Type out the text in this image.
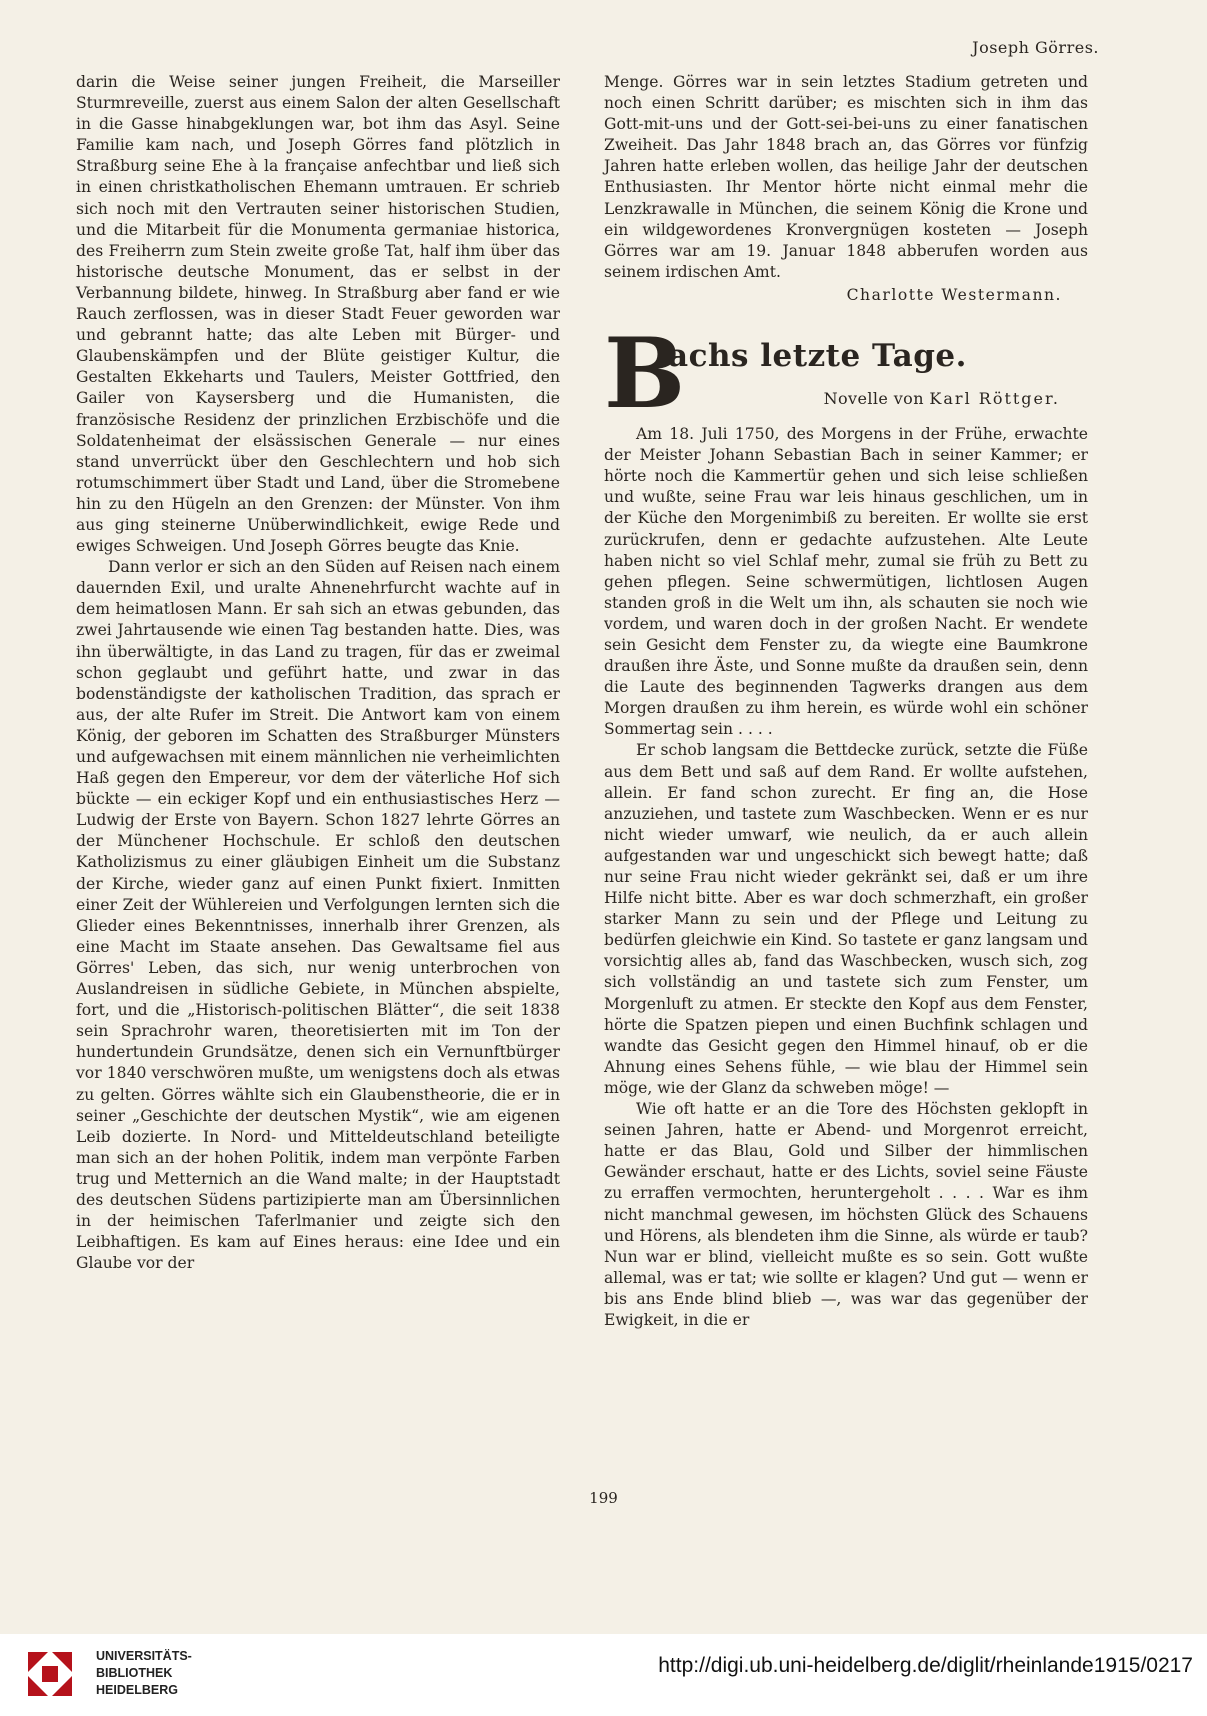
Joseph Görres.

darin die Weise seiner jungen Freiheit, die Marseiller Sturmreveille, zuerst aus einem Salon der alten Gesellschaft in die Gasse hinabgeklungen war, bot ihm das Asyl. Seine Familie kam nach, und Joseph Görres fand plötzlich in Straßburg seine Ehe à la française anfechtbar und ließ sich in einen christkatholischen Ehemann umtrauen. Er schrieb sich noch mit den Vertrauten seiner historischen Studien, und die Mitarbeit für die Monumenta germaniae historica, des Freiherrn zum Stein zweite große Tat, half ihm über das historische deutsche Monument, das er selbst in der Verbannung bildete, hinweg. In Straßburg aber fand er wie Rauch zerflossen, was in dieser Stadt Feuer geworden war und gebrannt hatte; das alte Leben mit Bürger- und Glaubenskämpfen und der Blüte geistiger Kultur, die Gestalten Ekkeharts und Taulers, Meister Gottfried, den Gailer von Kaysersberg und die Humanisten, die französische Residenz der prinzlichen Erzbischöfe und die Soldatenheimat der elsässischen Generale — nur eines stand unverrückt über den Geschlechtern und hob sich rotumschimmert über Stadt und Land, über die Stromebene hin zu den Hügeln an den Grenzen: der Münster. Von ihm aus ging steinerne Unüberwindlichkeit, ewige Rede und ewiges Schweigen. Und Joseph Görres beugte das Knie.

Dann verlor er sich an den Süden auf Reisen nach einem dauernden Exil, und uralte Ahnenehrfurcht wachte auf in dem heimatlosen Mann. Er sah sich an etwas gebunden, das zwei Jahrtausende wie einen Tag bestanden hatte. Dies, was ihn überwältigte, in das Land zu tragen, für das er zweimal schon geglaubt und geführt hatte, und zwar in das bodenständigste der katholischen Tradition, das sprach er aus, der alte Rufer im Streit. Die Antwort kam von einem König, der geboren im Schatten des Straßburger Münsters und aufgewachsen mit einem männlichen nie verheimlichten Haß gegen den Empereur, vor dem der väterliche Hof sich bückte — ein eckiger Kopf und ein enthusiastisches Herz — Ludwig der Erste von Bayern. Schon 1827 lehrte Görres an der Münchener Hochschule. Er schloß den deutschen Katholizismus zu einer gläubigen Einheit um die Substanz der Kirche, wieder ganz auf einen Punkt fixiert. Inmitten einer Zeit der Wühlereien und Verfolgungen lernten sich die Glieder eines Bekenntnisses, innerhalb ihrer Grenzen, als eine Macht im Staate ansehen. Das Gewaltsame fiel aus Görres' Leben, das sich, nur wenig unterbrochen von Auslandreisen in südliche Gebiete, in München abspielte, fort, und die „Historisch-politischen Blätter“, die seit 1838 sein Sprachrohr waren, theoretisierten mit im Ton der hundertundein Grundsätze, denen sich ein Vernunftbürger vor 1840 verschwören mußte, um wenigstens doch als etwas zu gelten. Görres wählte sich ein Glaubenstheorie, die er in seiner „Geschichte der deutschen Mystik“, wie am eigenen Leib dozierte. In Nord- und Mitteldeutschland beteiligte man sich an der hohen Politik, indem man verpönte Farben trug und Metternich an die Wand malte; in der Hauptstadt des deutschen Südens partizipierte man am Übersinnlichen in der heimischen Taferlmanier und zeigte sich den Leibhaftigen. Es kam auf Eines heraus: eine Idee und ein Glaube vor der

Menge. Görres war in sein letztes Stadium getreten und noch einen Schritt darüber; es mischten sich in ihm das Gott-mit-uns und der Gott-sei-bei-uns zu einer fanatischen Zweiheit. Das Jahr 1848 brach an, das Görres vor fünfzig Jahren hatte erleben wollen, das heilige Jahr der deutschen Enthusiasten. Ihr Mentor hörte nicht einmal mehr die Lenzkrawalle in München, die seinem König die Krone und ein wildgewordenes Kronvergnügen kosteten — Joseph Görres war am 19. Januar 1848 abberufen worden aus seinem irdischen Amt.

Charlotte Westermann.
B
achs letzte Tage.
Novelle von Karl Röttger.

Am 18. Juli 1750, des Morgens in der Frühe, erwachte der Meister Johann Sebastian Bach in seiner Kammer; er hörte noch die Kammertür gehen und sich leise schließen und wußte, seine Frau war leis hinaus geschlichen, um in der Küche den Morgenimbiß zu bereiten. Er wollte sie erst zurückrufen, denn er gedachte aufzustehen. Alte Leute haben nicht so viel Schlaf mehr, zumal sie früh zu Bett zu gehen pflegen. Seine schwermütigen, lichtlosen Augen standen groß in die Welt um ihn, als schauten sie noch wie vordem, und waren doch in der großen Nacht. Er wendete sein Gesicht dem Fenster zu, da wiegte eine Baumkrone draußen ihre Äste, und Sonne mußte da draußen sein, denn die Laute des beginnenden Tagwerks drangen aus dem Morgen draußen zu ihm herein, es würde wohl ein schöner Sommertag sein . . . .

Er schob langsam die Bettdecke zurück, setzte die Füße aus dem Bett und saß auf dem Rand. Er wollte aufstehen, allein. Er fand schon zurecht. Er fing an, die Hose anzuziehen, und tastete zum Waschbecken. Wenn er es nur nicht wieder umwarf, wie neulich, da er auch allein aufgestanden war und ungeschickt sich bewegt hatte; daß nur seine Frau nicht wieder gekränkt sei, daß er um ihre Hilfe nicht bitte. Aber es war doch schmerzhaft, ein großer starker Mann zu sein und der Pflege und Leitung zu bedürfen gleichwie ein Kind. So tastete er ganz langsam und vorsichtig alles ab, fand das Waschbecken, wusch sich, zog sich vollständig an und tastete sich zum Fenster, um Morgenluft zu atmen. Er steckte den Kopf aus dem Fenster, hörte die Spatzen piepen und einen Buchfink schlagen und wandte das Gesicht gegen den Himmel hinauf, ob er die Ahnung eines Sehens fühle, — wie blau der Himmel sein möge, wie der Glanz da schweben möge! —

Wie oft hatte er an die Tore des Höchsten geklopft in seinen Jahren, hatte er Abend- und Morgenrot erreicht, hatte er das Blau, Gold und Silber der himmlischen Gewänder erschaut, hatte er des Lichts, soviel seine Fäuste zu erraffen vermochten, heruntergeholt . . . . War es ihm nicht manchmal gewesen, im höchsten Glück des Schauens und Hörens, als blendeten ihm die Sinne, als würde er taub? Nun war er blind, vielleicht mußte es so sein. Gott wußte allemal, was er tat; wie sollte er klagen? Und gut — wenn er bis ans Ende blind blieb —, was war das gegenüber der Ewigkeit, in die er

199
UNIVERSITÄTS-
BIBLIOTHEK
HEIDELBERG
http://digi.ub.uni-heidelberg.de/diglit/rheinlande1915/0217
